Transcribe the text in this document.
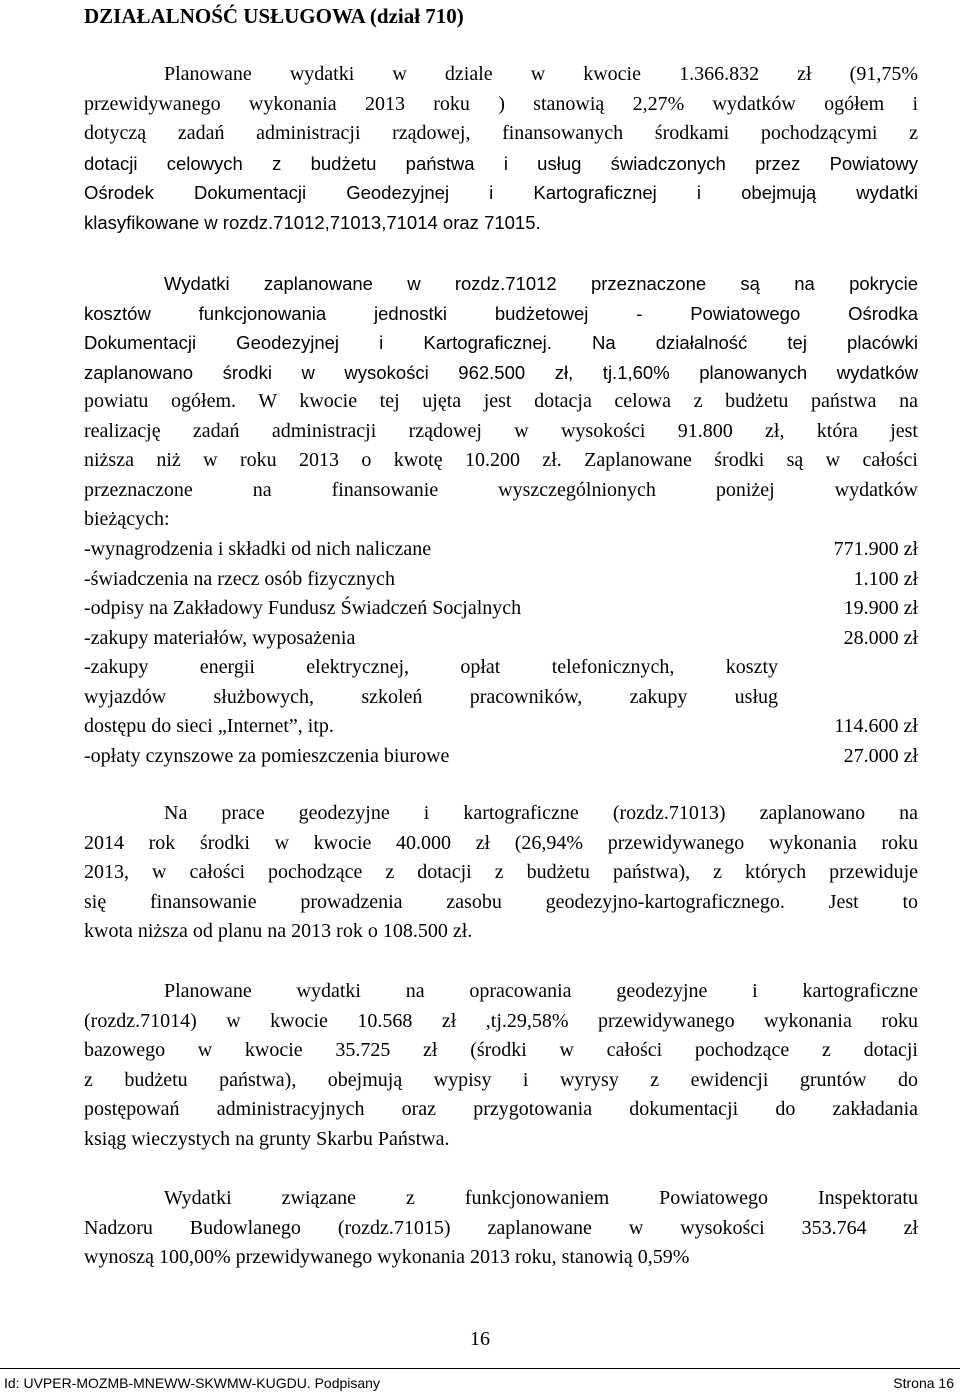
DZIAŁALNOŚĆ USŁUGOWA (dział 710)
Planowane wydatki w dziale w kwocie 1.366.832 zł (91,75%
przewidywanego wykonania 2013 roku ) stanowią 2,27% wydatków ogółem i
dotyczą zadań administracji rządowej, finansowanych środkami pochodzącymi z
dotacji celowych z budżetu państwa i usług świadczonych przez Powiatowy
Ośrodek Dokumentacji Geodezyjnej i Kartograficznej i obejmują wydatki
klasyfikowane w rozdz.71012,71013,71014 oraz 71015.
Wydatki zaplanowane w rozdz.71012 przeznaczone są na pokrycie
kosztów funkcjonowania jednostki budżetowej - Powiatowego Ośrodka
Dokumentacji Geodezyjnej i Kartograficznej. Na działalność tej placówki
zaplanowano środki w wysokości 962.500 zł, tj.1,60% planowanych wydatków
powiatu ogółem. W kwocie tej ujęta jest dotacja celowa z budżetu państwa na
realizację zadań administracji rządowej w wysokości 91.800 zł, która jest
niższa niż w roku 2013 o kwotę 10.200 zł. Zaplanowane środki są w całości
przeznaczone na finansowanie wyszczególnionych poniżej wydatków
bieżących:
-wynagrodzenia i składki od nich naliczane	771.900 zł
-świadczenia na rzecz osób fizycznych	1.100 zł
-odpisy na Zakładowy Fundusz Świadczeń Socjalnych	19.900 zł
-zakupy materiałów, wyposażenia	28.000 zł
-zakupy energii elektrycznej, opłat telefonicznych, koszty
wyjazdów służbowych, szkoleń pracowników, zakupy usług
dostępu do sieci „Internet”, itp.	114.600 zł
-opłaty czynszowe za pomieszczenia biurowe	27.000 zł
Na prace geodezyjne i kartograficzne (rozdz.71013) zaplanowano na
2014 rok środki w kwocie 40.000 zł (26,94% przewidywanego wykonania roku
2013, w całości pochodzące z dotacji z budżetu państwa), z których przewiduje
się finansowanie prowadzenia zasobu geodezyjno-kartograficznego. Jest to
kwota niższa od planu na 2013 rok o 108.500 zł.
Planowane wydatki na opracowania geodezyjne i kartograficzne
(rozdz.71014) w kwocie 10.568 zł ,tj.29,58% przewidywanego wykonania roku
bazowego w kwocie 35.725 zł (środki w całości pochodzące z dotacji
z budżetu państwa), obejmują wypisy i wyrysy z ewidencji gruntów do
postępowań administracyjnych oraz przygotowania dokumentacji do zakładania
ksiąg wieczystych na grunty Skarbu Państwa.
Wydatki związane z funkcjonowaniem Powiatowego Inspektoratu
Nadzoru Budowlanego (rozdz.71015) zaplanowane w wysokości 353.764 zł
wynoszą 100,00% przewidywanego wykonania 2013 roku, stanowią 0,59%
16
Id: UVPER-MOZMB-MNEWW-SKWMW-KUGDU. Podpisany	Strona 16
